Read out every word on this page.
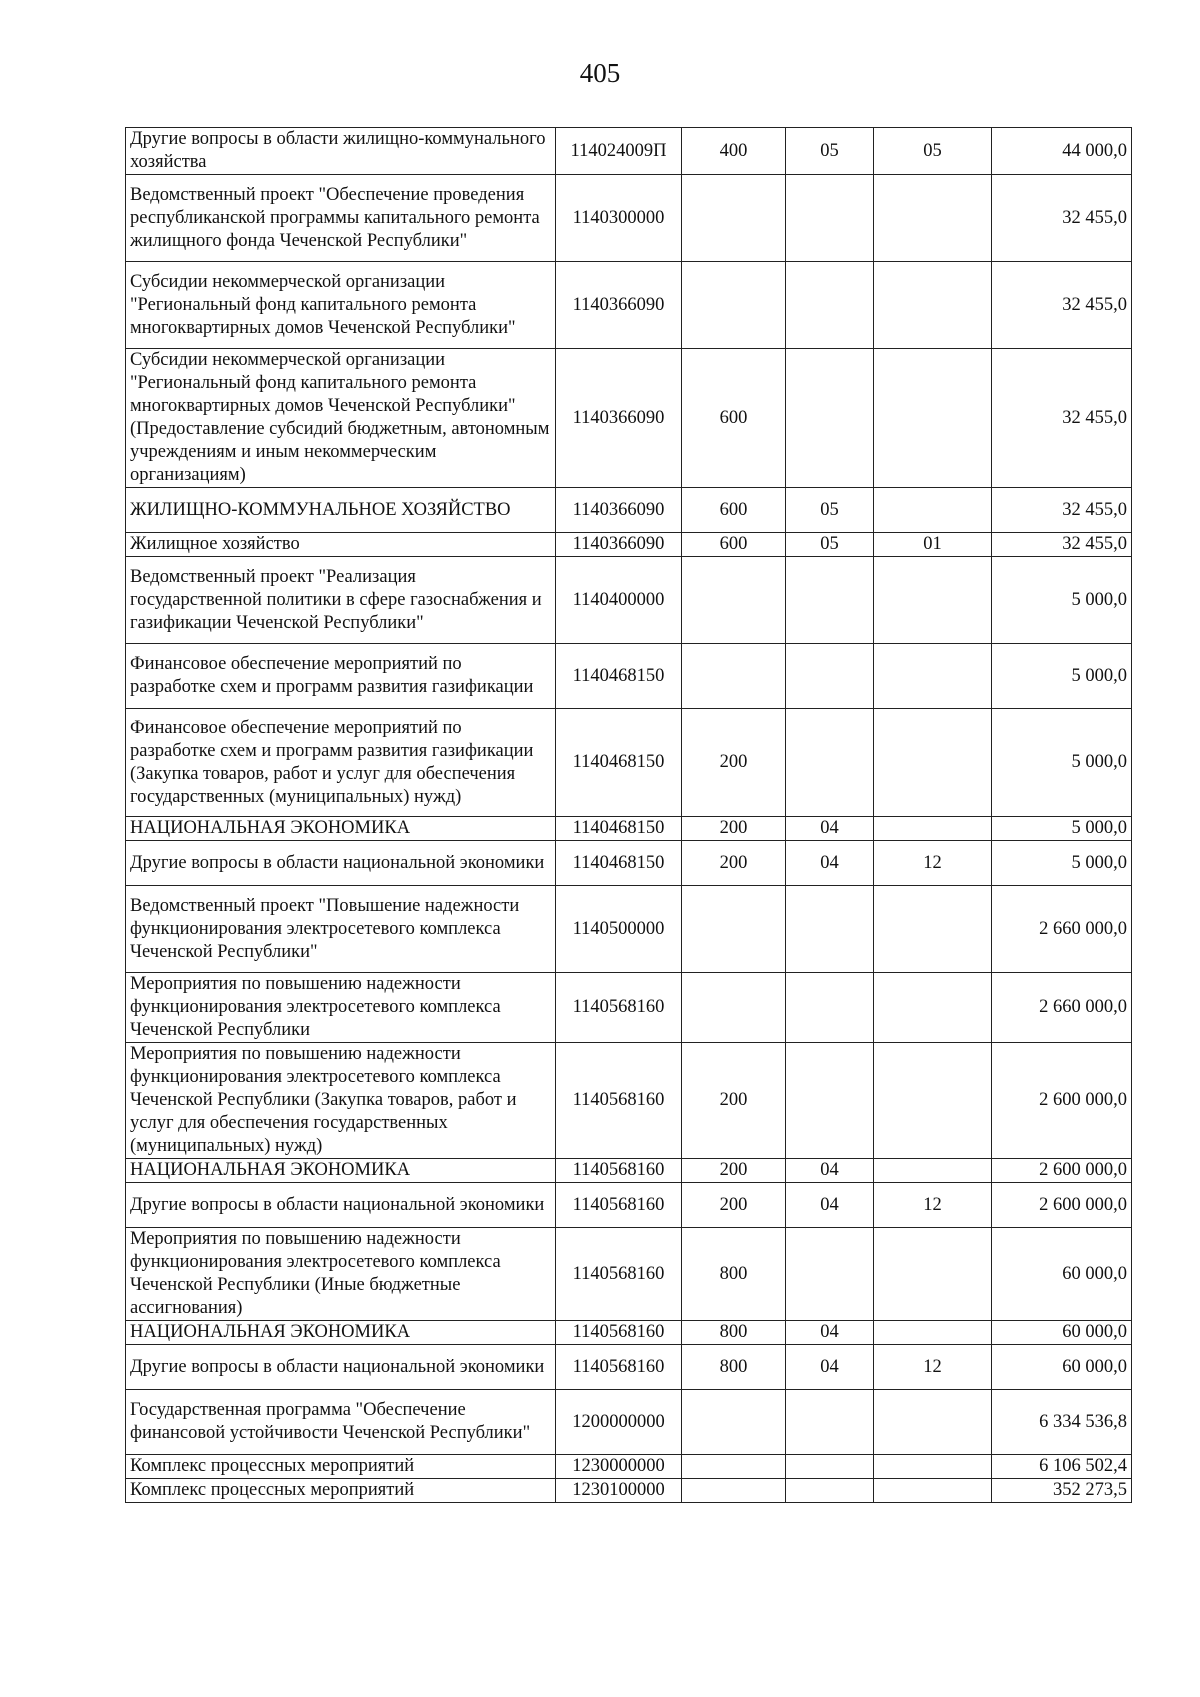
405
Другие вопросы в области жилищно-коммунального хозяйства	114024009П	400	05	05	44 000,0
Ведомственный проект "Обеспечение проведения республиканской программы капитального ремонта жилищного фонда Чеченской Республики"	1140300000				32 455,0
Субсидии некоммерческой организации "Региональный фонд капитального ремонта многоквартирных домов Чеченской Республики"	1140366090				32 455,0
Субсидии некоммерческой организации "Региональный фонд капитального ремонта многоквартирных домов Чеченской Республики" (Предоставление субсидий бюджетным, автономным учреждениям и иным некоммерческим организациям)	1140366090	600			32 455,0
ЖИЛИЩНО-КОММУНАЛЬНОЕ ХОЗЯЙСТВО	1140366090	600	05		32 455,0
Жилищное хозяйство	1140366090	600	05	01	32 455,0
Ведомственный проект "Реализация государственной политики в сфере газоснабжения и газификации Чеченской Республики"	1140400000				5 000,0
Финансовое обеспечение мероприятий по разработке схем и программ развития газификации	1140468150				5 000,0
Финансовое обеспечение мероприятий по разработке схем и программ развития газификации (Закупка товаров, работ и услуг для обеспечения государственных (муниципальных) нужд)	1140468150	200			5 000,0
НАЦИОНАЛЬНАЯ ЭКОНОМИКА	1140468150	200	04		5 000,0
Другие вопросы в области национальной экономики	1140468150	200	04	12	5 000,0
Ведомственный проект "Повышение надежности функционирования электросетевого комплекса Чеченской Республики"	1140500000				2 660 000,0
Мероприятия по повышению надежности функционирования электросетевого комплекса Чеченской Республики	1140568160				2 660 000,0
Мероприятия по повышению надежности функционирования электросетевого комплекса Чеченской Республики (Закупка товаров, работ и услуг для обеспечения государственных (муниципальных) нужд)	1140568160	200			2 600 000,0
НАЦИОНАЛЬНАЯ ЭКОНОМИКА	1140568160	200	04		2 600 000,0
Другие вопросы в области национальной экономики	1140568160	200	04	12	2 600 000,0
Мероприятия по повышению надежности функционирования электросетевого комплекса Чеченской Республики (Иные бюджетные ассигнования)	1140568160	800			60 000,0
НАЦИОНАЛЬНАЯ ЭКОНОМИКА	1140568160	800	04		60 000,0
Другие вопросы в области национальной экономики	1140568160	800	04	12	60 000,0
Государственная программа "Обеспечение финансовой устойчивости Чеченской Республики"	1200000000				6 334 536,8
Комплекс процессных мероприятий	1230000000				6 106 502,4
Комплекс процессных мероприятий	1230100000				352 273,5
